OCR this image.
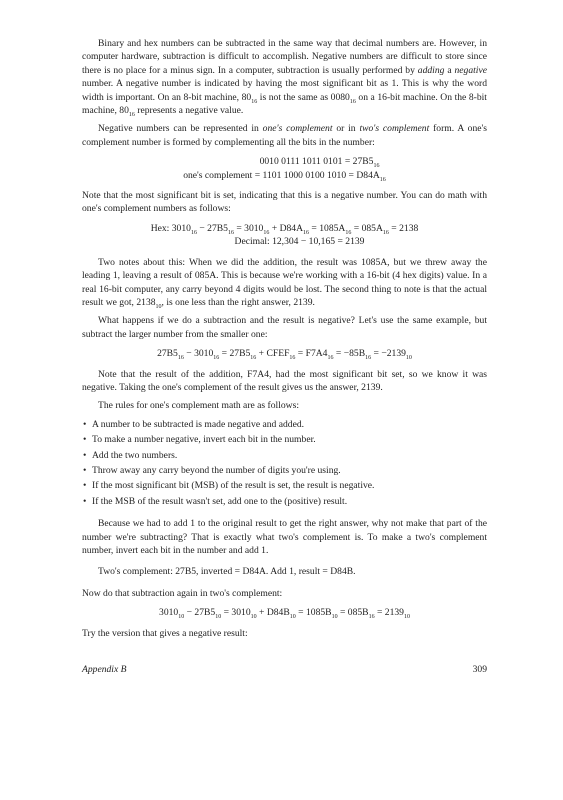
Binary and hex numbers can be subtracted in the same way that decimal numbers are. However, in computer hardware, subtraction is difficult to accomplish. Negative numbers are difficult to store since there is no place for a minus sign. In a computer, subtraction is usually performed by adding a negative number. A negative number is indicated by having the most significant bit as 1. This is why the word width is important. On an 8-bit machine, $80_{16}$ is not the same as $0080_{16}$ on a 16-bit machine. On the 8-bit machine, $80_{16}$ represents a negative value.

Negative numbers can be represented in one's complement or in two's complement form. A one's complement number is formed by complementing all the bits in the number:

0010 0111 1011 $0101 = 27B5_{16}$
one's complement = 1101 1000 0100 $1010 = D84A_{16}$

Note that the most significant bit is set, indicating that this is a negative number. You can do math with one's complement numbers as follows:

Hex: $3010_{16} - 27B5_{16} = 3010_{16} + D84A_{16} = 1085A_{16} = 085A_{16} = 2138$
Decimal: 12,304 − 10,165 = 2139

Two notes about this: When we did the addition, the result was 1085A, but we threw away the leading 1, leaving a result of 085A. This is because we're working with a 16-bit (4 hex digits) value. In a real 16-bit computer, any carry beyond 4 digits would be lost. The second thing to note is that the actual result we got, $2138_{10}$, is one less than the right answer, 2139.

What happens if we do a subtraction and the result is negative? Let's use the same example, but subtract the larger number from the smaller one:

$27B5_{16} - 3010_{16} = 27B5_{16}$ + $CFEF_{16} = F7A4_{16} = -85B_{16} = -2139_{10}$

Note that the result of the addition, F7A4, had the most significant bit set, so we know it was negative. Taking the one's complement of the result gives us the answer, 2139.

The rules for one's complement math are as follows:

• A number to be subtracted is made negative and added.
• To make a number negative, invert each bit in the number.
• Add the two numbers.
• Throw away any carry beyond the number of digits you're using.
• If the most significant bit (MSB) of the result is set, the result is negative.
• If the MSB of the result wasn't set, add one to the (positive) result.

Because we had to add 1 to the original result to get the right answer, why not make that part of the number we're subtracting? That is exactly what two's complement is. To make a two's complement number, invert each bit in the number and add 1.

Two's complement: 27B5, inverted = D84A. Add 1, result = D84B.

Now do that subtraction again in two's complement:

$3010_{10} - 27B5_{10} = 3010_{10} + D84B_{10} = 1085B_{10} = 085B_{16} = 2139_{10}$

Try the version that gives a negative result:

Appendix B	309
